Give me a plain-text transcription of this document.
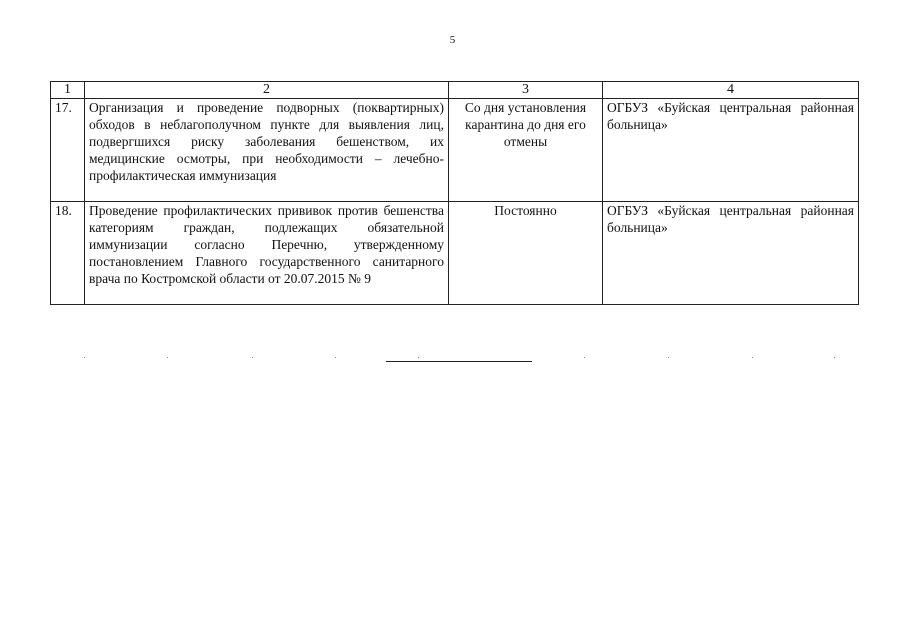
5
1	2	3	4
17.	Организация и проведение подворных (поквартирных) обходов в неблагополучном пункте для выявления лиц, подвергшихся риску заболевания бешенством, их медицинские осмотры, при необходимости – лечебно-профилактическая иммунизация	Со дня установления карантина до дня его отмены	ОГБУЗ «Буйская центральная районная больница»
18.	Проведение профилактических прививок против бешенства категориям граждан, подлежащих обязательной иммунизации согласно Перечню, утвержденному постановлением Главного государственного санитарного врача по Костромской области от 20.07.2015 № 9	Постоянно	ОГБУЗ «Буйская центральная районная больница»
